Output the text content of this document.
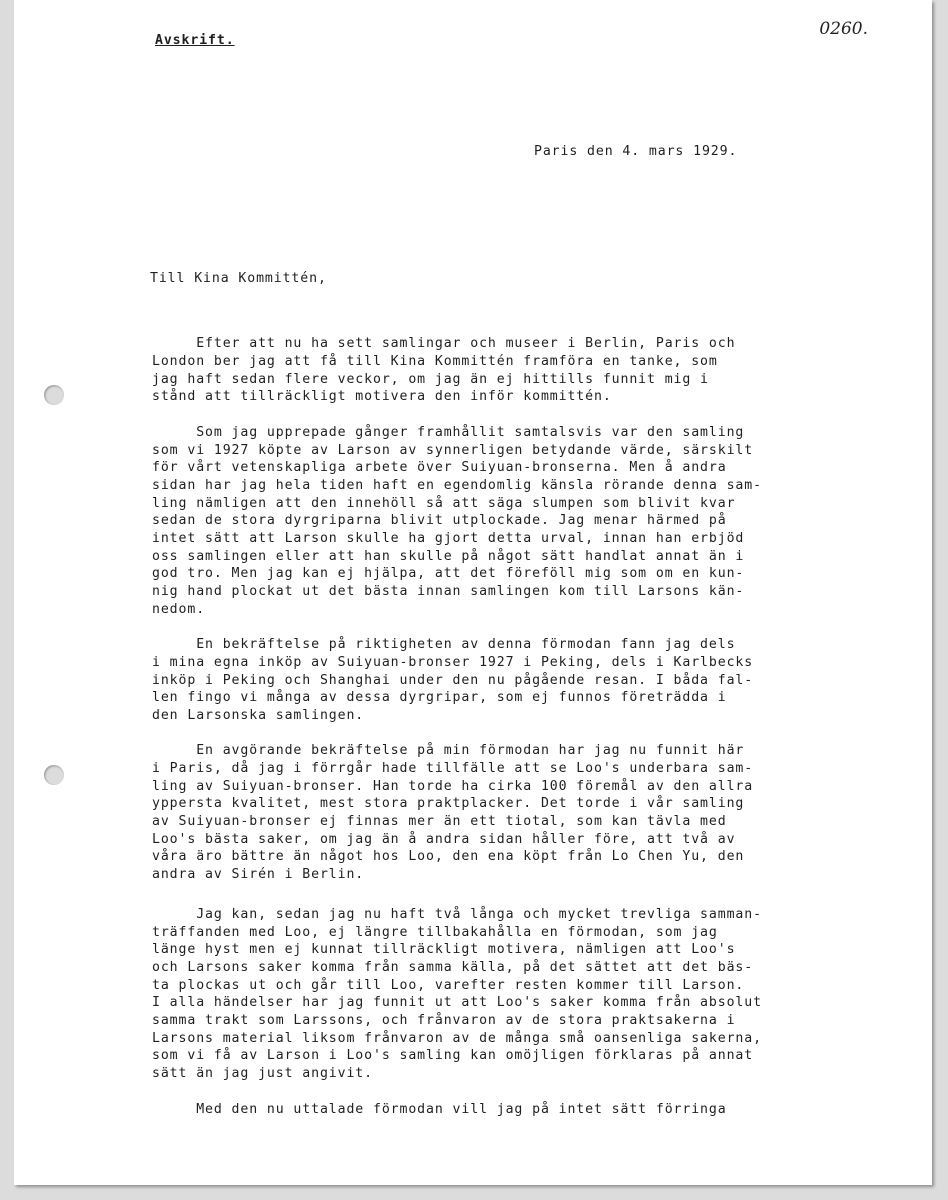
Avskrift.
0260.
Paris den 4. mars 1929.
Till Kina Kommittén,
Efter att nu ha sett samlingar och museer i Berlin, Paris och
London ber jag att få till Kina Kommittén framföra en tanke, som
jag haft sedan flere veckor, om jag än ej hittills funnit mig i
stånd att tillräckligt motivera den inför kommittén.
Som jag upprepade gånger framhållit samtalsvis var den samling
som vi 1927 köpte av Larson av synnerligen betydande värde, särskilt
för vårt vetenskapliga arbete över Suiyuan-bronserna. Men å andra
sidan har jag hela tiden haft en egendomlig känsla rörande denna sam-
ling nämligen att den innehöll så att säga slumpen som blivit kvar
sedan de stora dyrgriparna blivit utplockade. Jag menar härmed på
intet sätt att Larson skulle ha gjort detta urval, innan han erbjöd
oss samlingen eller att han skulle på något sätt handlat annat än i
god tro. Men jag kan ej hjälpa, att det föreföll mig som om en kun-
nig hand plockat ut det bästa innan samlingen kom till Larsons kän-
nedom.
En bekräftelse på riktigheten av denna förmodan fann jag dels
i mina egna inköp av Suiyuan-bronser 1927 i Peking, dels i Karlbecks
inköp i Peking och Shanghai under den nu pågående resan. I båda fal-
len fingo vi många av dessa dyrgripar, som ej funnos företrädda i
den Larsonska samlingen.
En avgörande bekräftelse på min förmodan har jag nu funnit här
i Paris, då jag i förrgår hade tillfälle att se Loo's underbara sam-
ling av Suiyuan-bronser. Han torde ha cirka 100 föremål av den allra
yppersta kvalitet, mest stora praktplacker. Det torde i vår samling
av Suiyuan-bronser ej finnas mer än ett tiotal, som kan tävla med
Loo's bästa saker, om jag än å andra sidan håller före, att två av
våra äro bättre än något hos Loo, den ena köpt från Lo Chen Yu, den
andra av Sirén i Berlin.
Jag kan, sedan jag nu haft två långa och mycket trevliga samman-
träffanden med Loo, ej längre tillbakahålla en förmodan, som jag
länge hyst men ej kunnat tillräckligt motivera, nämligen att Loo's
och Larsons saker komma från samma källa, på det sättet att det bäs-
ta plockas ut och går till Loo, varefter resten kommer till Larson.
I alla händelser har jag funnit ut att Loo's saker komma från absolut
samma trakt som Larssons, och frånvaron av de stora praktsakerna i
Larsons material liksom frånvaron av de många små oansenliga sakerna,
som vi få av Larson i Loo's samling kan omöjligen förklaras på annat
sätt än jag just angivit.
Med den nu uttalade förmodan vill jag på intet sätt förringa
